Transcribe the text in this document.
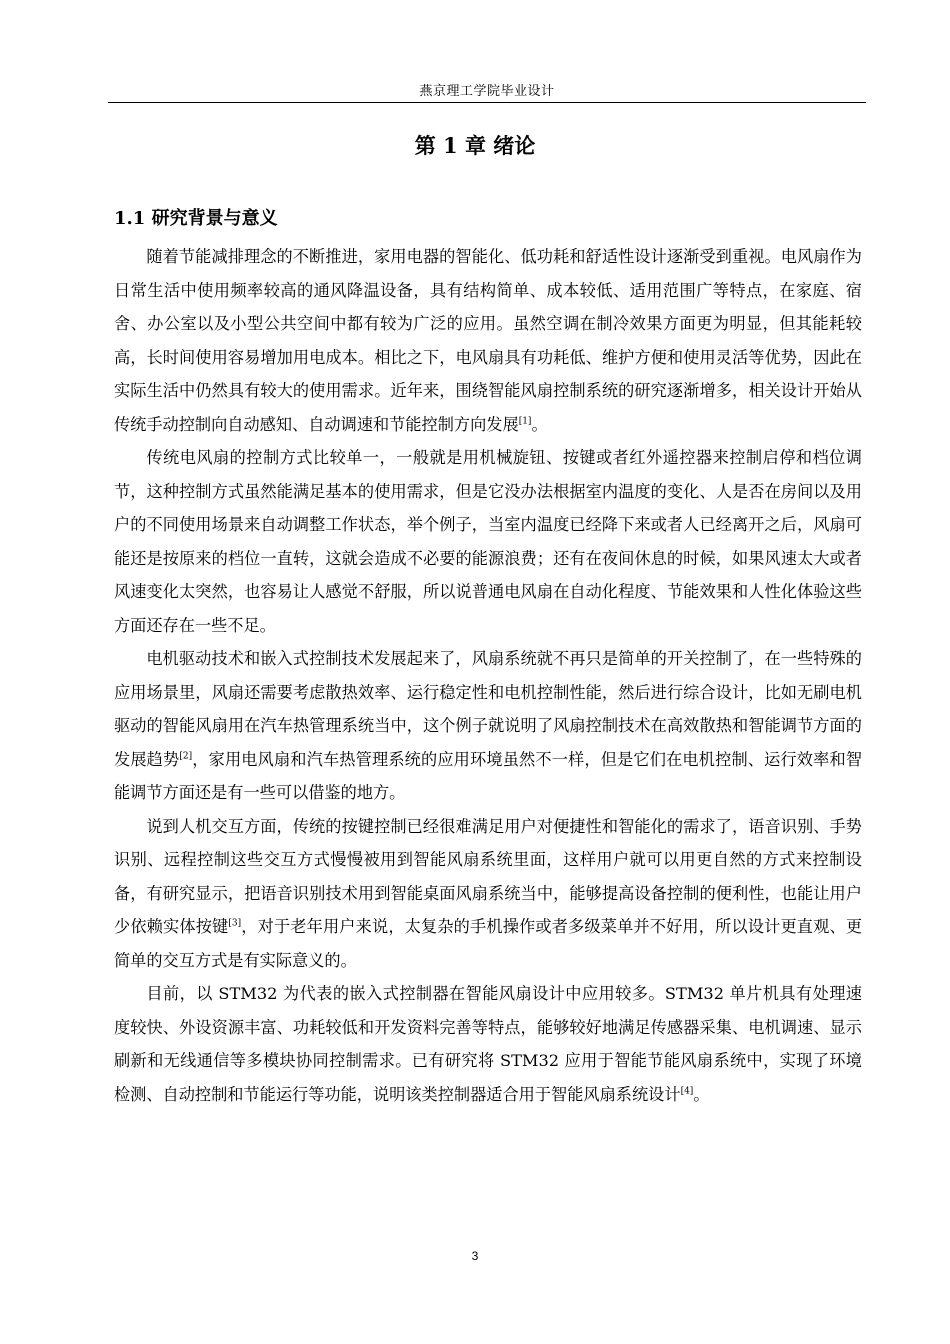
燕京理工学院毕业设计
第 1 章 绪论
1.1 研究背景与意义

随着节能减排理念的不断推进，家用电器的智能化、低功耗和舒适性设计逐渐受到重视。电风扇作为日常生活中使用频率较高的通风降温设备，具有结构简单、成本较低、适用范围广等特点，在家庭、宿舍、办公室以及小型公共空间中都有较为广泛的应用。虽然空调在制冷效果方面更为明显，但其能耗较高，长时间使用容易增加用电成本。相比之下，电风扇具有功耗低、维护方便和使用灵活等优势，因此在实际生活中仍然具有较大的使用需求。近年来，围绕智能风扇控制系统的研究逐渐增多，相关设计开始从传统手动控制向自动感知、自动调速和节能控制方向发展[1]。

传统电风扇的控制方式比较单一，一般就是用机械旋钮、按键或者红外遥控器来控制启停和档位调节，这种控制方式虽然能满足基本的使用需求，但是它没办法根据室内温度的变化、人是否在房间以及用户的不同使用场景来自动调整工作状态，举个例子，当室内温度已经降下来或者人已经离开之后，风扇可能还是按原来的档位一直转，这就会造成不必要的能源浪费；还有在夜间休息的时候，如果风速太大或者风速变化太突然，也容易让人感觉不舒服，所以说普通电风扇在自动化程度、节能效果和人性化体验这些方面还存在一些不足。

电机驱动技术和嵌入式控制技术发展起来了，风扇系统就不再只是简单的开关控制了，在一些特殊的应用场景里，风扇还需要考虑散热效率、运行稳定性和电机控制性能，然后进行综合设计，比如无刷电机驱动的智能风扇用在汽车热管理系统当中，这个例子就说明了风扇控制技术在高效散热和智能调节方面的发展趋势[2]，家用电风扇和汽车热管理系统的应用环境虽然不一样，但是它们在电机控制、运行效率和智能调节方面还是有一些可以借鉴的地方。

说到人机交互方面，传统的按键控制已经很难满足用户对便捷性和智能化的需求了，语音识别、手势识别、远程控制这些交互方式慢慢被用到智能风扇系统里面，这样用户就可以用更自然的方式来控制设备，有研究显示，把语音识别技术用到智能桌面风扇系统当中，能够提高设备控制的便利性，也能让用户少依赖实体按键[3]，对于老年用户来说，太复杂的手机操作或者多级菜单并不好用，所以设计更直观、更简单的交互方式是有实际意义的。

目前，以 STM32 为代表的嵌入式控制器在智能风扇设计中应用较多。STM32 单片机具有处理速度较快、外设资源丰富、功耗较低和开发资料完善等特点，能够较好地满足传感器采集、电机调速、显示刷新和无线通信等多模块协同控制需求。已有研究将 STM32 应用于智能节能风扇系统中，实现了环境检测、自动控制和节能运行等功能，说明该类控制器适合用于智能风扇系统设计[4]。

3
